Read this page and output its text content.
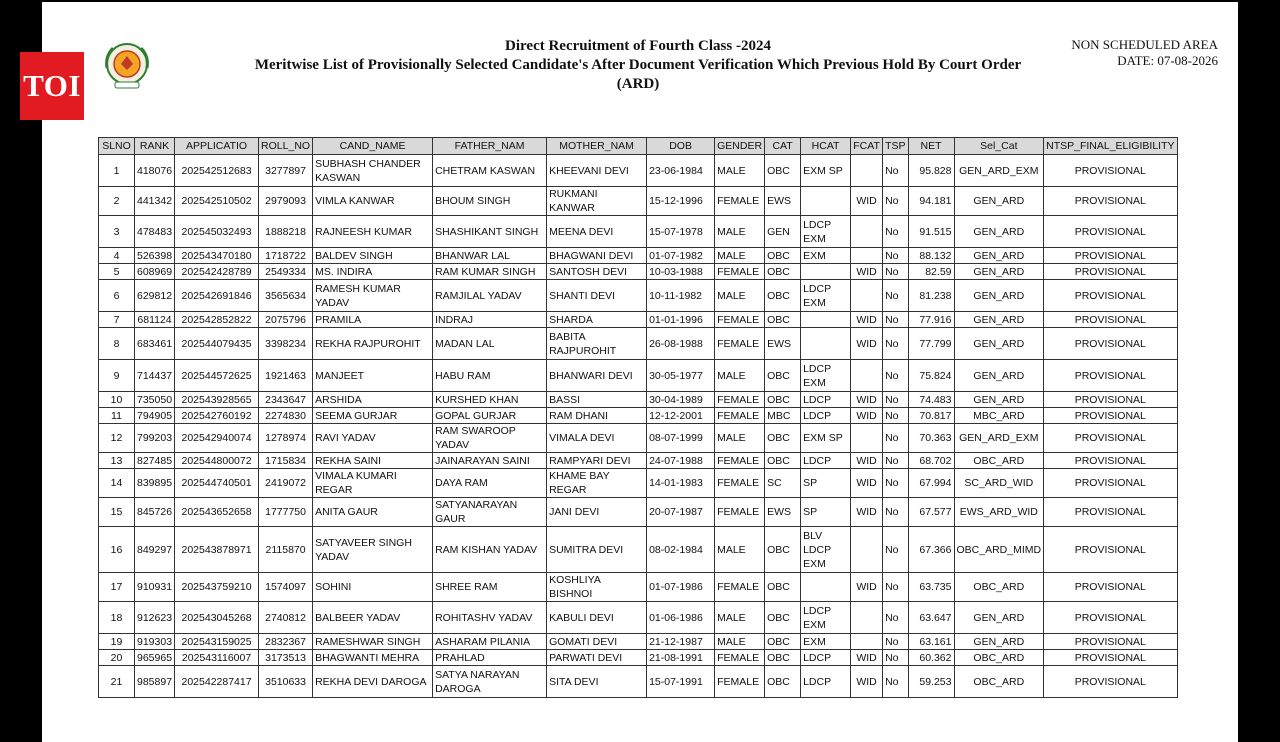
TOI
Direct Recruitment of Fourth Class -2024
Meritwise List of Provisionally Selected Candidate's After Document Verification Which Previous Hold By Court Order
(ARD)
NON SCHEDULED AREA
DATE: 07-08-2026
SLNO	RANK	APPLICATIO	ROLL_NO	CAND_NAME	FATHER_NAM	MOTHER_NAM	DOB	GENDER	CAT	HCAT	FCAT	TSP	NET	Sel_Cat	NTSP_FINAL_ELIGIBILITY
1	418076	202542512683	3277897	SUBHASH CHANDER KASWAN	CHETRAM KASWAN	KHEEVANI DEVI	23-06-1984	MALE	OBC	EXM SP		No	95.828	GEN_ARD_EXM	PROVISIONAL
2	441342	202542510502	2979093	VIMLA KANWAR	BHOUM SINGH	RUKMANI KANWAR	15-12-1996	FEMALE	EWS		WID	No	94.181	GEN_ARD	PROVISIONAL
3	478483	202545032493	1888218	RAJNEESH KUMAR	SHASHIKANT SINGH	MEENA DEVI	15-07-1978	MALE	GEN	LDCP EXM		No	91.515	GEN_ARD	PROVISIONAL
4	526398	202543470180	1718722	BALDEV SINGH	BHANWAR LAL	BHAGWANI DEVI	01-07-1982	MALE	OBC	EXM		No	88.132	GEN_ARD	PROVISIONAL
5	608969	202542428789	2549334	MS. INDIRA	RAM KUMAR SINGH	SANTOSH DEVI	10-03-1988	FEMALE	OBC		WID	No	82.59	GEN_ARD	PROVISIONAL
6	629812	202542691846	3565634	RAMESH KUMAR YADAV	RAMJILAL YADAV	SHANTI DEVI	10-11-1982	MALE	OBC	LDCP EXM		No	81.238	GEN_ARD	PROVISIONAL
7	681124	202542852822	2075796	PRAMILA	INDRAJ	SHARDA	01-01-1996	FEMALE	OBC		WID	No	77.916	GEN_ARD	PROVISIONAL
8	683461	202544079435	3398234	REKHA RAJPUROHIT	MADAN LAL	BABITA RAJPUROHIT	26-08-1988	FEMALE	EWS		WID	No	77.799	GEN_ARD	PROVISIONAL
9	714437	202544572625	1921463	MANJEET	HABU RAM	BHANWARI DEVI	30-05-1977	MALE	OBC	LDCP EXM		No	75.824	GEN_ARD	PROVISIONAL
10	735050	202543928565	2343647	ARSHIDA	KURSHED KHAN	BASSI	30-04-1989	FEMALE	OBC	LDCP	WID	No	74.483	GEN_ARD	PROVISIONAL
11	794905	202542760192	2274830	SEEMA GURJAR	GOPAL GURJAR	RAM DHANI	12-12-2001	FEMALE	MBC	LDCP	WID	No	70.817	MBC_ARD	PROVISIONAL
12	799203	202542940074	1278974	RAVI YADAV	RAM SWAROOP YADAV	VIMALA DEVI	08-07-1999	MALE	OBC	EXM SP		No	70.363	GEN_ARD_EXM	PROVISIONAL
13	827485	202544800072	1715834	REKHA SAINI	JAINARAYAN SAINI	RAMPYARI DEVI	24-07-1988	FEMALE	OBC	LDCP	WID	No	68.702	OBC_ARD	PROVISIONAL
14	839895	202544740501	2419072	VIMALA KUMARI REGAR	DAYA RAM	KHAME BAY REGAR	14-01-1983	FEMALE	SC	SP	WID	No	67.994	SC_ARD_WID	PROVISIONAL
15	845726	202543652658	1777750	ANITA GAUR	SATYANARAYAN GAUR	JANI DEVI	20-07-1987	FEMALE	EWS	SP	WID	No	67.577	EWS_ARD_WID	PROVISIONAL
16	849297	202543878971	2115870	SATYAVEER SINGH YADAV	RAM KISHAN YADAV	SUMITRA DEVI	08-02-1984	MALE	OBC	BLV LDCP EXM		No	67.366	OBC_ARD_MIMD	PROVISIONAL
17	910931	202543759210	1574097	SOHINI	SHREE RAM	KOSHLIYA BISHNOI	01-07-1986	FEMALE	OBC		WID	No	63.735	OBC_ARD	PROVISIONAL
18	912623	202543045268	2740812	BALBEER YADAV	ROHITASHV YADAV	KABULI DEVI	01-06-1986	MALE	OBC	LDCP EXM		No	63.647	GEN_ARD	PROVISIONAL
19	919303	202543159025	2832367	RAMESHWAR SINGH	ASHARAM PILANIA	GOMATI DEVI	21-12-1987	MALE	OBC	EXM		No	63.161	GEN_ARD	PROVISIONAL
20	965965	202543116007	3173513	BHAGWANTI MEHRA	PRAHLAD	PARWATI DEVI	21-08-1991	FEMALE	OBC	LDCP	WID	No	60.362	OBC_ARD	PROVISIONAL
21	985897	202542287417	3510633	REKHA DEVI DAROGA	SATYA NARAYAN DAROGA	SITA DEVI	15-07-1991	FEMALE	OBC	LDCP	WID	No	59.253	OBC_ARD	PROVISIONAL
